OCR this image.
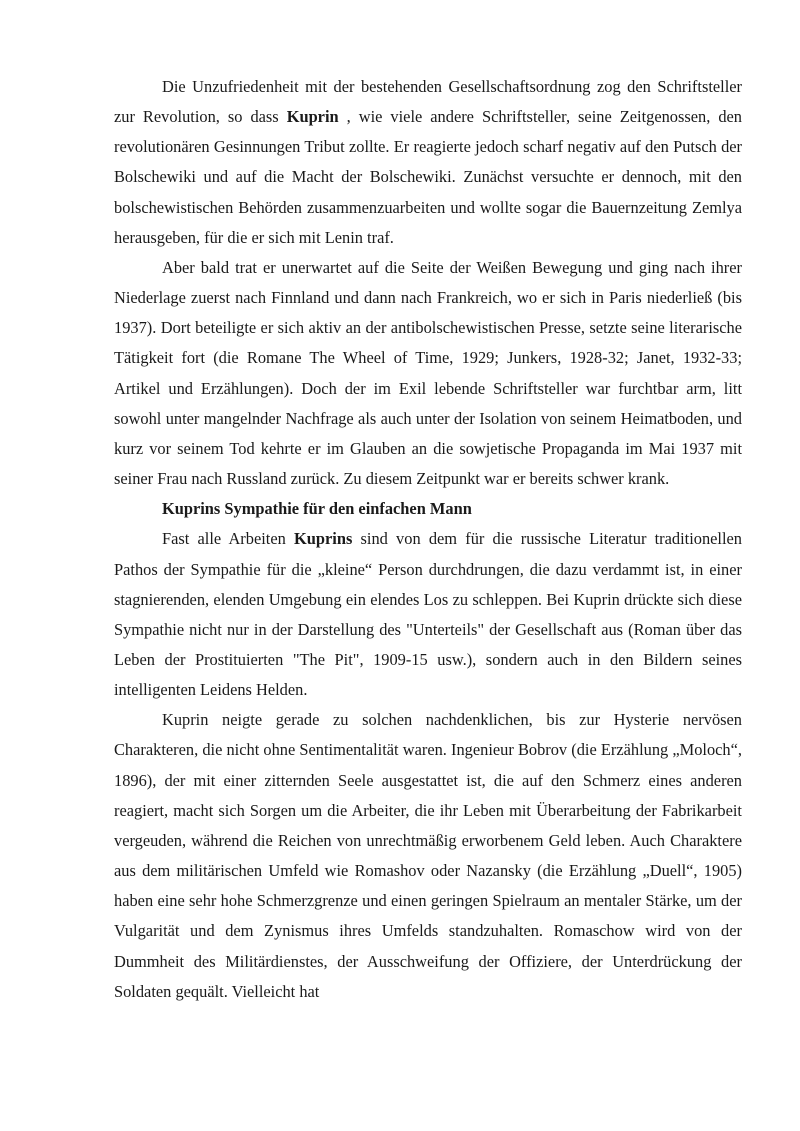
Die Unzufriedenheit mit der bestehenden Gesellschaftsordnung zog den Schriftsteller zur Revolution, so dass Kuprin , wie viele andere Schriftsteller, seine Zeitgenossen, den revolutionären Gesinnungen Tribut zollte. Er reagierte jedoch scharf negativ auf den Putsch der Bolschewiki und auf die Macht der Bolschewiki. Zunächst versuchte er dennoch, mit den bolschewistischen Behörden zusammenzuarbeiten und wollte sogar die Bauernzeitung Zemlya herausgeben, für die er sich mit Lenin traf.

Aber bald trat er unerwartet auf die Seite der Weißen Bewegung und ging nach ihrer Niederlage zuerst nach Finnland und dann nach Frankreich, wo er sich in Paris niederließ (bis 1937). Dort beteiligte er sich aktiv an der antibolschewistischen Presse, setzte seine literarische Tätigkeit fort (die Romane The Wheel of Time, 1929; Junkers, 1928-32; Janet, 1932-33; Artikel und Erzählungen). Doch der im Exil lebende Schriftsteller war furchtbar arm, litt sowohl unter mangelnder Nachfrage als auch unter der Isolation von seinem Heimatboden, und kurz vor seinem Tod kehrte er im Glauben an die sowjetische Propaganda im Mai 1937 mit seiner Frau nach Russland zurück. Zu diesem Zeitpunkt war er bereits schwer krank.

Kuprins Sympathie für den einfachen Mann

Fast alle Arbeiten Kuprins sind von dem für die russische Literatur traditionellen Pathos der Sympathie für die „kleine“ Person durchdrungen, die dazu verdammt ist, in einer stagnierenden, elenden Umgebung ein elendes Los zu schleppen. Bei Kuprin drückte sich diese Sympathie nicht nur in der Darstellung des "Unterteils" der Gesellschaft aus (Roman über das Leben der Prostituierten "The Pit", 1909-15 usw.), sondern auch in den Bildern seines intelligenten Leidens Helden.

Kuprin neigte gerade zu solchen nachdenklichen, bis zur Hysterie nervösen Charakteren, die nicht ohne Sentimentalität waren. Ingenieur Bobrov (die Erzählung „Moloch“, 1896), der mit einer zitternden Seele ausgestattet ist, die auf den Schmerz eines anderen reagiert, macht sich Sorgen um die Arbeiter, die ihr Leben mit Überarbeitung der Fabrikarbeit vergeuden, während die Reichen von unrechtmäßig erworbenem Geld leben. Auch Charaktere aus dem militärischen Umfeld wie Romashov oder Nazansky (die Erzählung „Duell“, 1905) haben eine sehr hohe Schmerzgrenze und einen geringen Spielraum an mentaler Stärke, um der Vulgarität und dem Zynismus ihres Umfelds standzuhalten. Romaschow wird von der Dummheit des Militärdienstes, der Ausschweifung der Offiziere, der Unterdrückung der Soldaten gequält. Vielleicht hat
